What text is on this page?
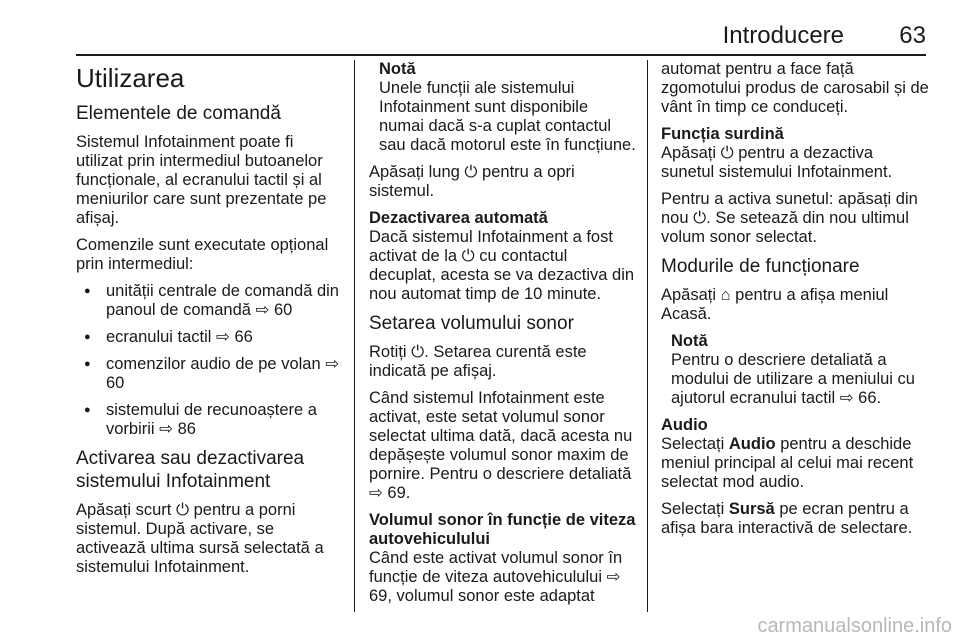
Introducere 63
Utilizarea
Elementele de comandă

Sistemul Infotainment poate fi utilizat prin intermediul butoanelor funcționale, al ecranului tactil și al meniurilor care sunt prezentate pe afișaj.

Comenzile sunt executate opțional prin intermediul:

● unității centrale de comandă din panoul de comandă ⇨ 60
● ecranului tactil ⇨ 66
● comenzilor audio de pe volan ⇨ 60
● sistemului de recunoaștere a vorbirii ⇨ 86
Activarea sau dezactivarea sistemului Infotainment

Apăsați scurt ⏻ pentru a porni sistemul. După activare, se activează ultima sursă selectată a sistemului Infotainment.

Notă
Unele funcții ale sistemului Infotainment sunt disponibile numai dacă s-a cuplat contactul sau dacă motorul este în funcțiune.

Apăsați lung ⏻ pentru a opri sistemul.

Dezactivarea automată

Dacă sistemul Infotainment a fost activat de la ⏻ cu contactul decuplat, acesta se va dezactiva din nou automat timp de 10 minute.

Setarea volumului sonor

Rotiți ⏻. Setarea curentă este indicată pe afișaj.

Când sistemul Infotainment este activat, este setat volumul sonor selectat ultima dată, dacă acesta nu depășește volumul sonor maxim de pornire. Pentru o descriere detaliată ⇨ 69.

Volumul sonor în funcție de viteza autovehiculului

Când este activat volumul sonor în funcție de viteza autovehiculului ⇨ 69, volumul sonor este adaptat

automat pentru a face față zgomotului produs de carosabil și de vânt în timp ce conduceți.

Funcția surdină

Apăsați ⏻ pentru a dezactiva sunetul sistemului Infotainment.

Pentru a activa sunetul: apăsați din nou ⏻. Se setează din nou ultimul volum sonor selectat.

Modurile de funcționare

Apăsați ⌂ pentru a afișa meniul Acasă.

Notă
Pentru o descriere detaliată a modului de utilizare a meniului cu ajutorul ecranului tactil ⇨ 66.
Audio

Selectați Audio pentru a deschide meniul principal al celui mai recent selectat mod audio.

Selectați Sursă pe ecran pentru a afișa bara interactivă de selectare.

carmanualsonline.info
